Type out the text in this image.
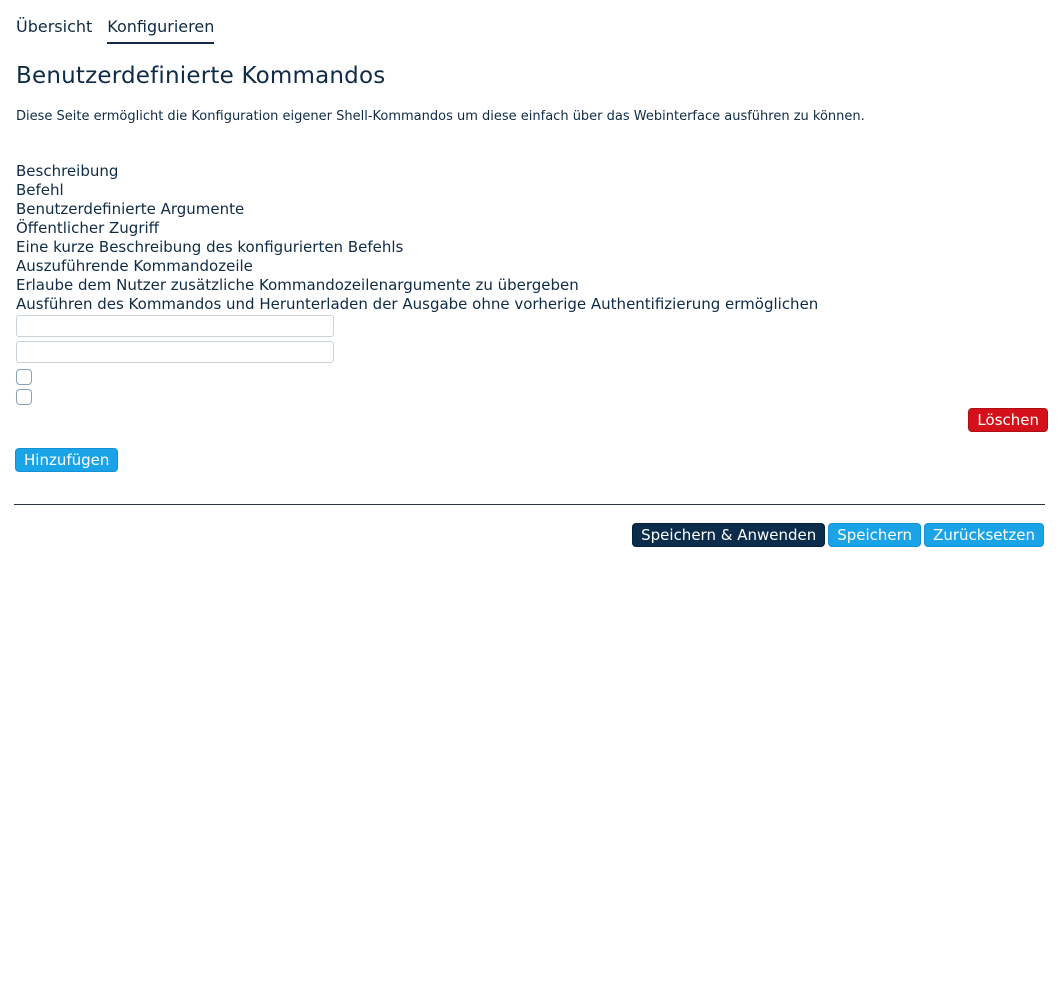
Übersicht Konfigurieren
Benutzerdefinierte Kommandos
Diese Seite ermöglicht die Konfiguration eigener Shell-Kommandos um diese einfach über das Webinterface ausführen zu können.
Beschreibung
Befehl
Benutzerdefinierte Argumente
Öffentlicher Zugriff
Eine kurze Beschreibung des konfigurierten Befehls
Auszuführende Kommandozeile
Erlaube dem Nutzer zusätzliche Kommandozeilenargumente zu übergeben
Ausführen des Kommandos und Herunterladen der Ausgabe ohne vorherige Authentifizierung ermöglichen
Löschen
Hinzufügen
Speichern & Anwenden	Speichern	Zurücksetzen
